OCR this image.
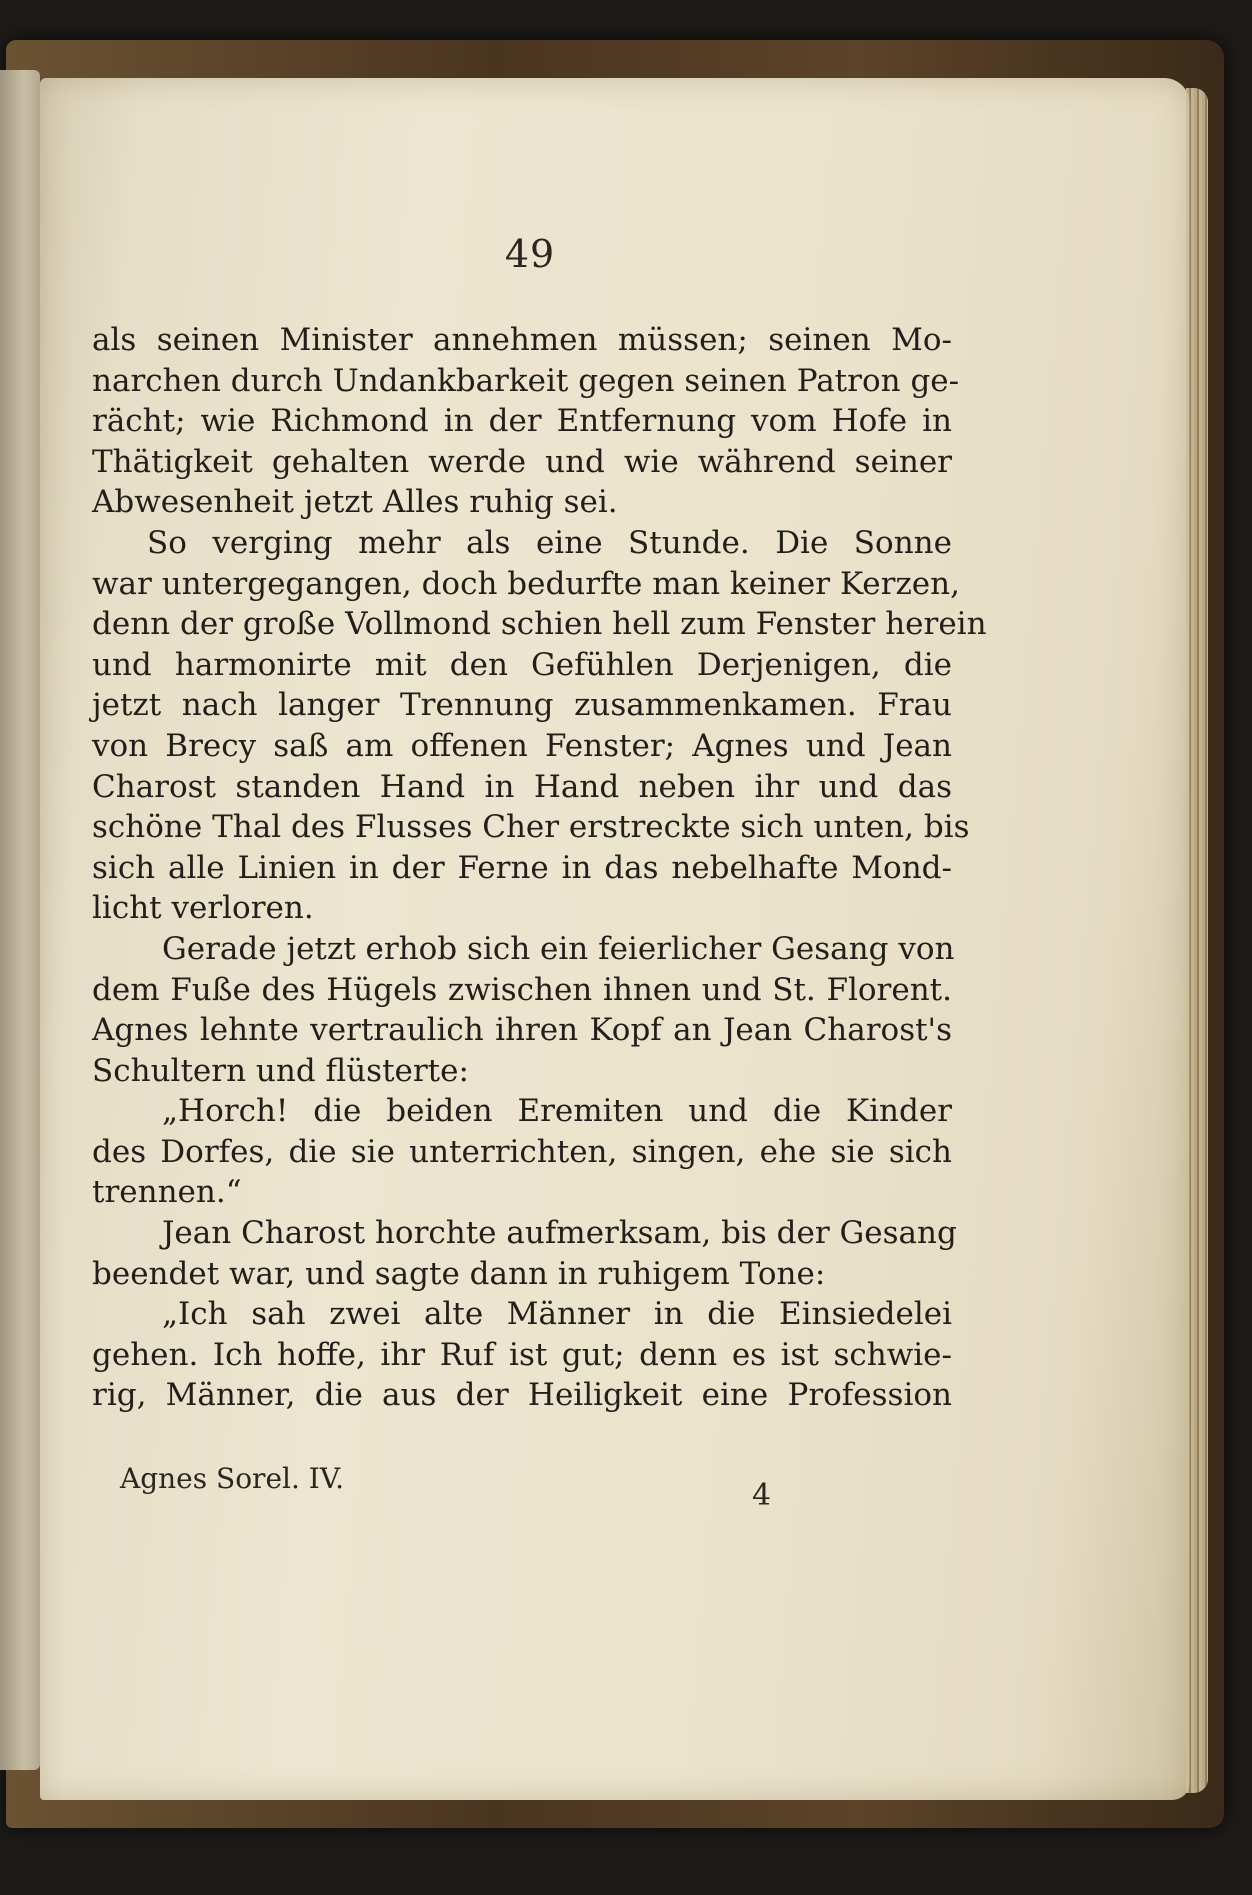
49
als seinen Minister annehmen müssen; seinen Mo-
narchen durch Undankbarkeit gegen seinen Patron ge-
rächt; wie Richmond in der Entfernung vom Hofe in
Thätigkeit gehalten werde und wie während seiner
Abwesenheit jetzt Alles ruhig sei.
So verging mehr als eine Stunde. Die Sonne
war untergegangen, doch bedurfte man keiner Kerzen,
denn der große Vollmond schien hell zum Fenster herein
und harmonirte mit den Gefühlen Derjenigen, die
jetzt nach langer Trennung zusammenkamen. Frau
von Brecy saß am offenen Fenster; Agnes und Jean
Charost standen Hand in Hand neben ihr und das
schöne Thal des Flusses Cher erstreckte sich unten, bis
sich alle Linien in der Ferne in das nebelhafte Mond-
licht verloren.
Gerade jetzt erhob sich ein feierlicher Gesang von
dem Fuße des Hügels zwischen ihnen und St. Florent.
Agnes lehnte vertraulich ihren Kopf an Jean Charost's
Schultern und flüsterte:
„Horch! die beiden Eremiten und die Kinder
des Dorfes, die sie unterrichten, singen, ehe sie sich
trennen.“
Jean Charost horchte aufmerksam, bis der Gesang
beendet war, und sagte dann in ruhigem Tone:
„Ich sah zwei alte Männer in die Einsiedelei
gehen. Ich hoffe, ihr Ruf ist gut; denn es ist schwie-
rig, Männer, die aus der Heiligkeit eine Profession
Agnes Sorel. IV.	4
